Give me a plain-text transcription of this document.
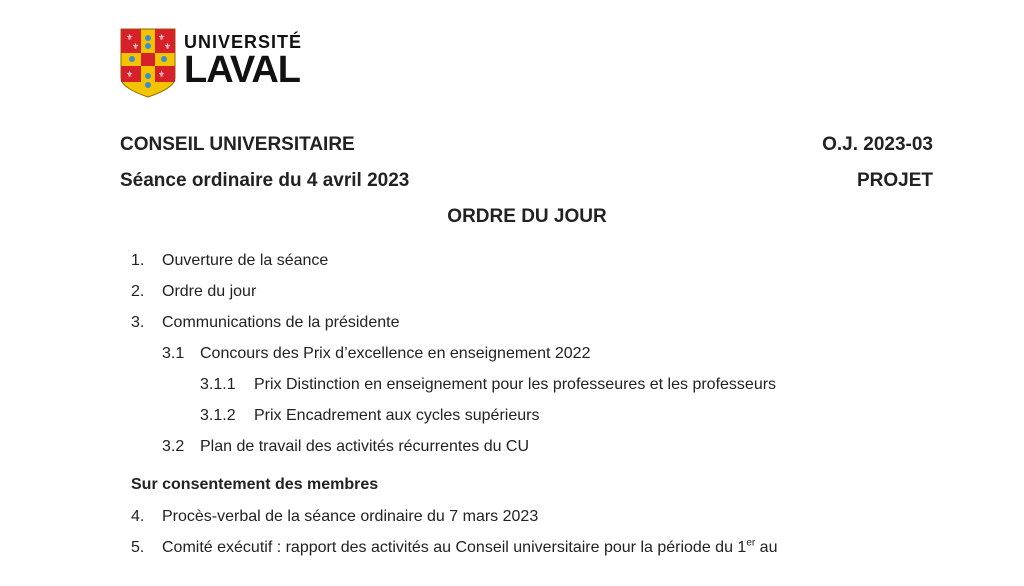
⚜
⚜
⚜
⚜
⚜	⚜
UNIVERSITÉ
LAVAL
CONSEIL UNIVERSITAIRE	O.J. 2023-03
Séance ordinaire du 4 avril 2023	PROJET
ORDRE DU JOUR
1. Ouverture de la séance
2. Ordre du jour
3. Communications de la présidente
3.1 Concours des Prix d’excellence en enseignement 2022
3.1.1 Prix Distinction en enseignement pour les professeures et les professeurs
3.1.2 Prix Encadrement aux cycles supérieurs
3.2 Plan de travail des activités récurrentes du CU
Sur consentement des membres
4. Procès-verbal de la séance ordinaire du 7 mars 2023
5. Comité exécutif : rapport des activités au Conseil universitaire pour la période du 1er au
